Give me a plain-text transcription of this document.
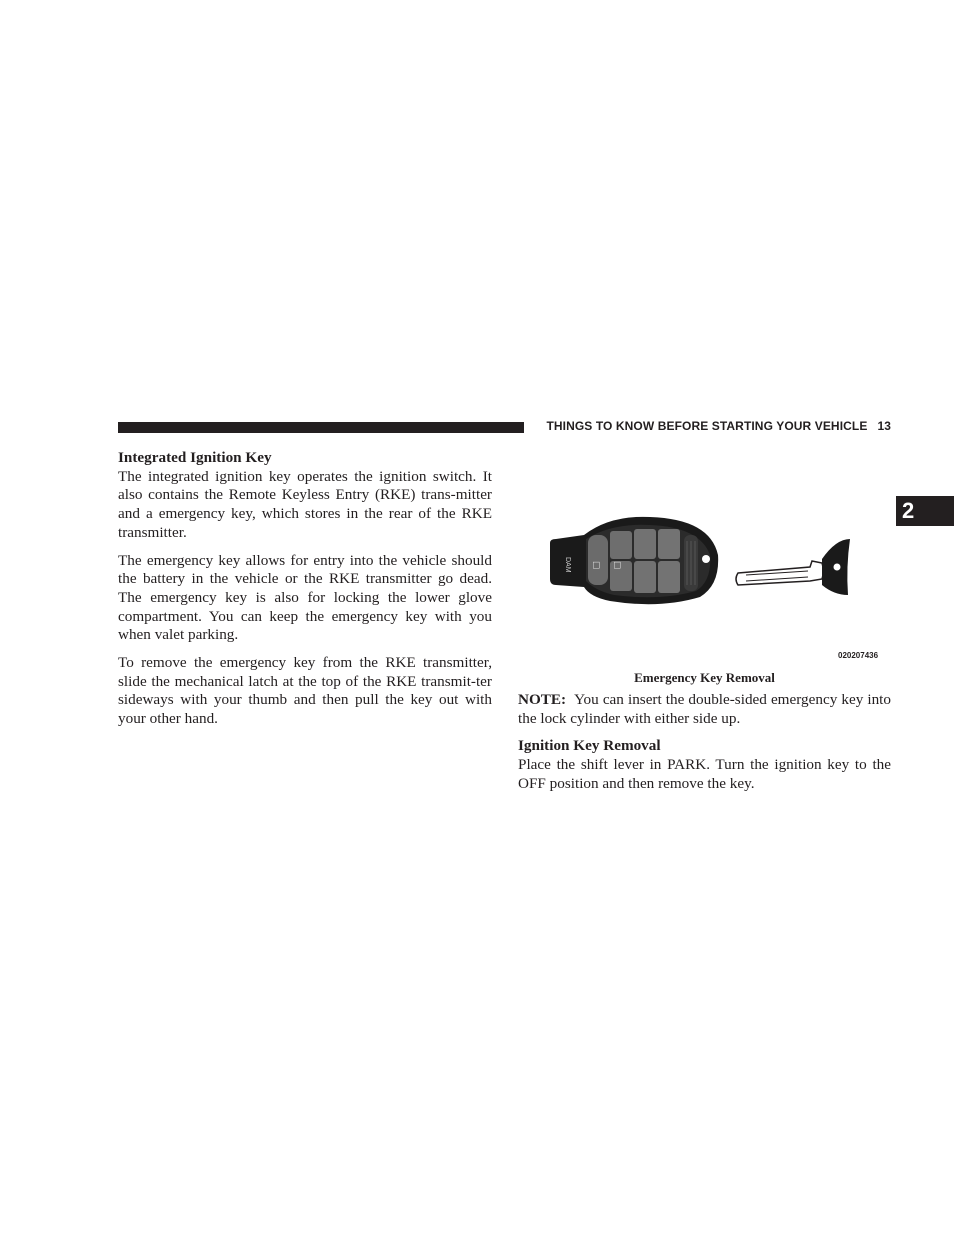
THINGS TO KNOW BEFORE STARTING YOUR VEHICLE 13
2
Integrated Ignition Key

The integrated ignition key operates the ignition switch. It also contains the Remote Keyless Entry (RKE) trans-mitter and a emergency key, which stores in the rear of the RKE transmitter.

The emergency key allows for entry into the vehicle should the battery in the vehicle or the RKE transmitter go dead. The emergency key is also for locking the lower glove compartment. You can keep the emergency key with you when valet parking.

To remove the emergency key from the RKE transmitter, slide the mechanical latch at the top of the RKE transmit-ter sideways with your thumb and then pull the key out with your other hand.

DAM ☐ ☐
020207436
Emergency Key Removal

NOTE: You can insert the double-sided emergency key into the lock cylinder with either side up.

Ignition Key Removal

Place the shift lever in PARK. Turn the ignition key to the OFF position and then remove the key.
